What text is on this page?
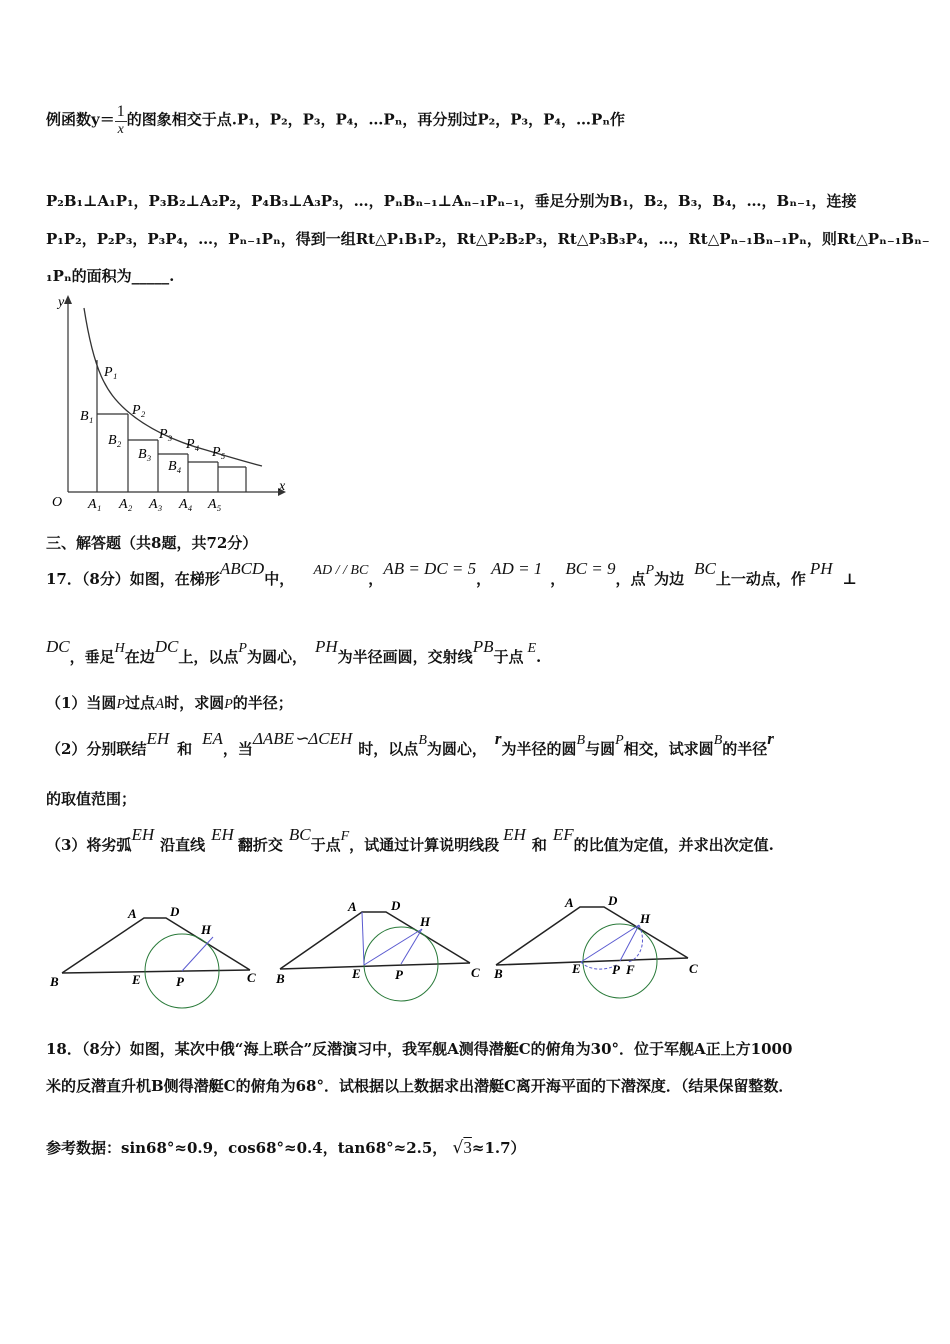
例函数$y= \frac{1}{x}$ 的图象相交于点.P₁，P₂，P₃，P₄，…Pₙ，再分别过P₂，P₃，P₄，…Pₙ作
P₂B₁⊥A₁P₁，P₃B₂⊥A₂P₂，P₄B₃⊥A₃P₃，…，PₙBₙ₋₁⊥Aₙ₋₁Pₙ₋₁，垂足分别为B₁，B₂，B₃，B₄，…，Bₙ₋₁，连接
P₁P₂，P₂P₃，P₃P₄，…，Pₙ₋₁Pₙ，得到一组Rt△P₁B₁P₂，Rt△P₂B₂P₃，Rt△P₃B₃P₄，…，Rt△Pₙ₋₁Bₙ₋₁Pₙ，则Rt△Pₙ₋₁Bₙ₋
₁Pₙ的面积为_____.
y
x
O A₁ A₂ A₃ A₄ A₅
B₁
B₂
B₃
B₄
P₁
P₂
P₃
P₄
P₅
三、解答题（共8题，共72分）
17．（8分）如图，在梯形ABCD中， AD / / BC，AB = DC = 5，AD = 1，BC = 9，点P为边BC上一动点，作PH⊥
DC，垂足H在边DC上，以点P为圆心，PH为半径画圆，交射线PB于点 E.
（1）当圆P过点A时，求圆P的半径；
（2）分别联结EH和EA，当ΔABE∽ΔCEH时，以点B为圆心，r为半径的圆B与圆P相交，试求圆B的半径r
的取值范围；
（3）将劣弧EH沿直线EH翻折交BC于点F，试通过计算说明线段EH和EF的比值为定值，并求出次定值.
A	D
H
B	E	P	C
A	D
H
B	E	P	C
A	D
H
B	E P	C
F
18．（8分）如图，某次中俄“海上联合”反潜演习中，我军舰A测得潜艇C的俯角为30°．位于军舰A正上方1000
米的反潜直升机B侧得潜艇C的俯角为68°．试根据以上数据求出潜艇C离开海平面的下潜深度．（结果保留整数．
参考数据：sin68°≈0.9，cos68°≈0.4，tan68°≈2.5， √3≈1.7）
